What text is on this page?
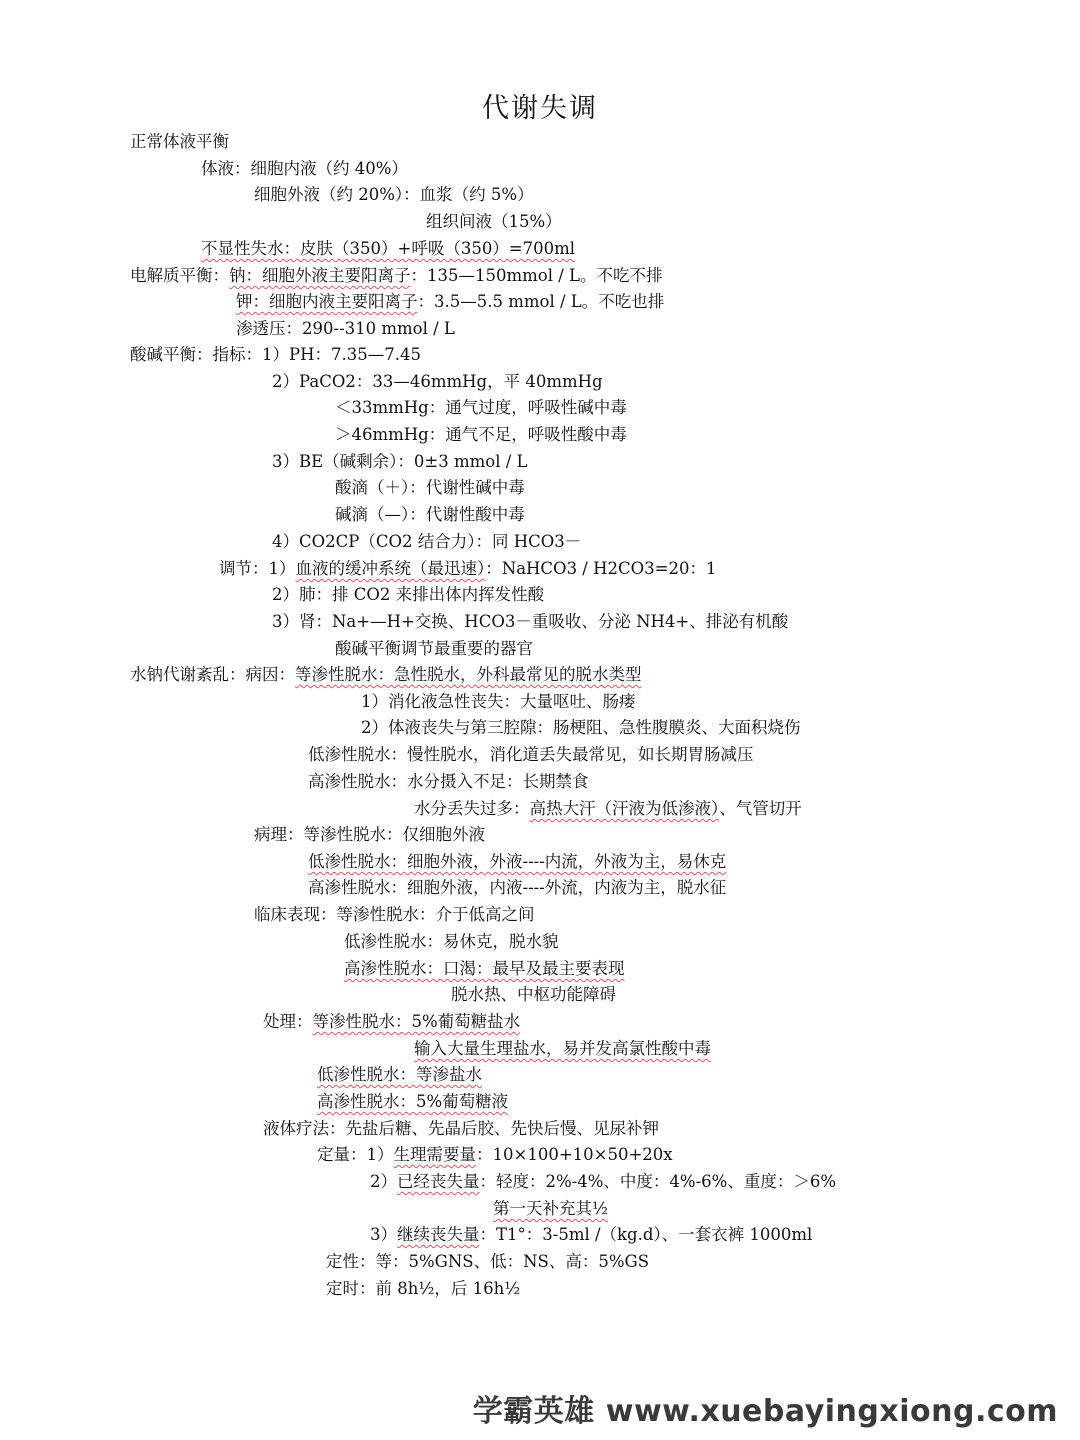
代谢失调
正常体液平衡
体液：细胞内液（约 40%）
细胞外液（约 20%）：血浆（约 5%）
组织间液（15%）
不显性失水：皮肤（350）+呼吸（350）=700ml
电解质平衡：钠：细胞外液主要阳离子：135—150mmol / L。不吃不排
钾：细胞内液主要阳离子：3.5—5.5 mmol / L。不吃也排
渗透压：290--310 mmol / L
酸碱平衡：指标：1）PH：7.35—7.45
2）PaCO2：33—46mmHg，平 40mmHg
＜33mmHg：通气过度，呼吸性碱中毒
＞46mmHg：通气不足，呼吸性酸中毒
3）BE（碱剩余）：0±3 mmol / L
酸滴（＋）：代谢性碱中毒
碱滴（—）：代谢性酸中毒
4）CO2CP（CO2 结合力）：同 HCO3－
调节：1）血液的缓冲系统（最迅速）：NaHCO3 / H2CO3=20：1
2）肺：排 CO2 来排出体内挥发性酸
3）肾：Na+—H+交换、HCO3－重吸收、分泌 NH4+、排泌有机酸
酸碱平衡调节最重要的器官
水钠代谢紊乱：病因：等渗性脱水：急性脱水，外科最常见的脱水类型
1）消化液急性丧失：大量呕吐、肠瘘
2）体液丧失与第三腔隙：肠梗阻、急性腹膜炎、大面积烧伤
低渗性脱水：慢性脱水，消化道丢失最常见，如长期胃肠减压
高渗性脱水：水分摄入不足：长期禁食
水分丢失过多：高热大汗（汗液为低渗液）、气管切开
病理：等渗性脱水：仅细胞外液
低渗性脱水：细胞外液，外液----内流，外液为主，易休克
高渗性脱水：细胞外液，内液----外流，内液为主，脱水征
临床表现：等渗性脱水：介于低高之间
低渗性脱水：易休克，脱水貌
高渗性脱水：口渴：最早及最主要表现
脱水热、中枢功能障碍
处理：等渗性脱水：5%葡萄糖盐水
输入大量生理盐水，易并发高氯性酸中毒
低渗性脱水：等渗盐水
高渗性脱水：5%葡萄糖液
液体疗法：先盐后糖、先晶后胶、先快后慢、见尿补钾
定量：1）生理需要量：10×100+10×50+20x
2）已经丧失量：轻度：2%-4%、中度：4%-6%、重度：＞6%
第一天补充其½
3）继续丧失量：T1°：3-5ml /（kg.d）、一套衣裤 1000ml
定性：等：5%GNS、低：NS、高：5%GS
定时：前 8h½，后 16h½
学霸英雄 www.xuebayingxiong.com
